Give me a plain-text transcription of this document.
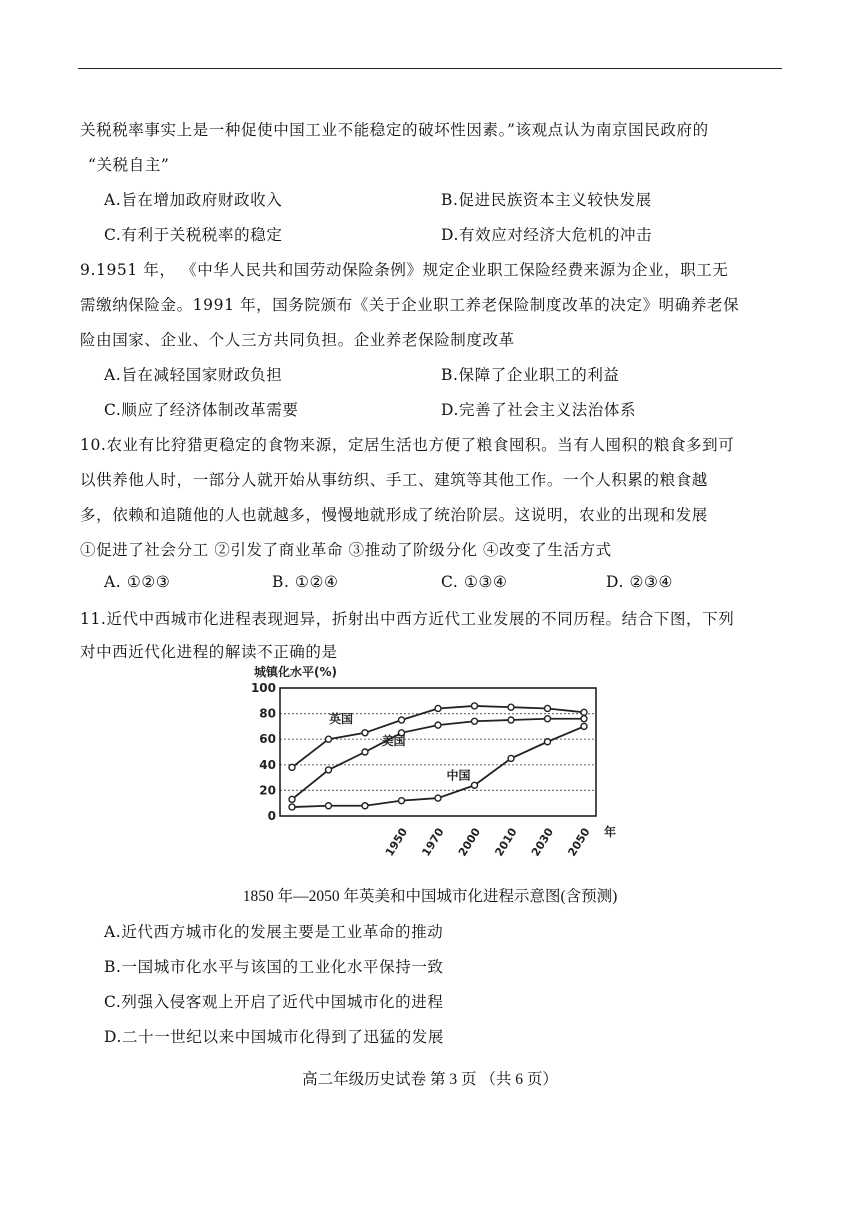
关税税率事实上是一种促使中国工业不能稳定的破坏性因素。”该观点认为南京国民政府的
“关税自主”
A.旨在增加政府财政收入	B.促进民族资本主义较快发展
C.有利于关税税率的稳定	D.有效应对经济大危机的冲击
9.1951 年， 《中华人民共和国劳动保险条例》规定企业职工保险经费来源为企业，职工无
需缴纳保险金。1991 年，国务院颁布《关于企业职工养老保险制度改革的决定》明确养老保
险由国家、企业、个人三方共同负担。企业养老保险制度改革
A.旨在减轻国家财政负担	B.保障了企业职工的利益
C.顺应了经济体制改革需要	D.完善了社会主义法治体系
10.农业有比狩猎更稳定的食物来源，定居生活也方便了粮食囤积。当有人囤积的粮食多到可
以供养他人时，一部分人就开始从事纺织、手工、建筑等其他工作。一个人积累的粮食越
多，依赖和追随他的人也就越多，慢慢地就形成了统治阶层。这说明，农业的出现和发展
①促进了社会分工 ②引发了商业革命 ③推动了阶级分化 ④改变了生活方式
A. ①②③	B. ①②④	C. ①③④	D. ②③④
11.近代中西城市化进程表现迥异，折射出中西方近代工业发展的不同历程。结合下图，下列
对中西近代化进程的解读不正确的是
0
20
40
60
80
100
城镇化水平(%)
1950 1970 2000 2010 2030 2050 年
英国
美国
中国
1850 年—2050 年英美和中国城市化进程示意图(含预测)
A.近代西方城市化的发展主要是工业革命的推动
B.一国城市化水平与该国的工业化水平保持一致
C.列强入侵客观上开启了近代中国城市化的进程
D.二十一世纪以来中国城市化得到了迅猛的发展
高二年级历史试卷 第 3 页 （共 6 页）
